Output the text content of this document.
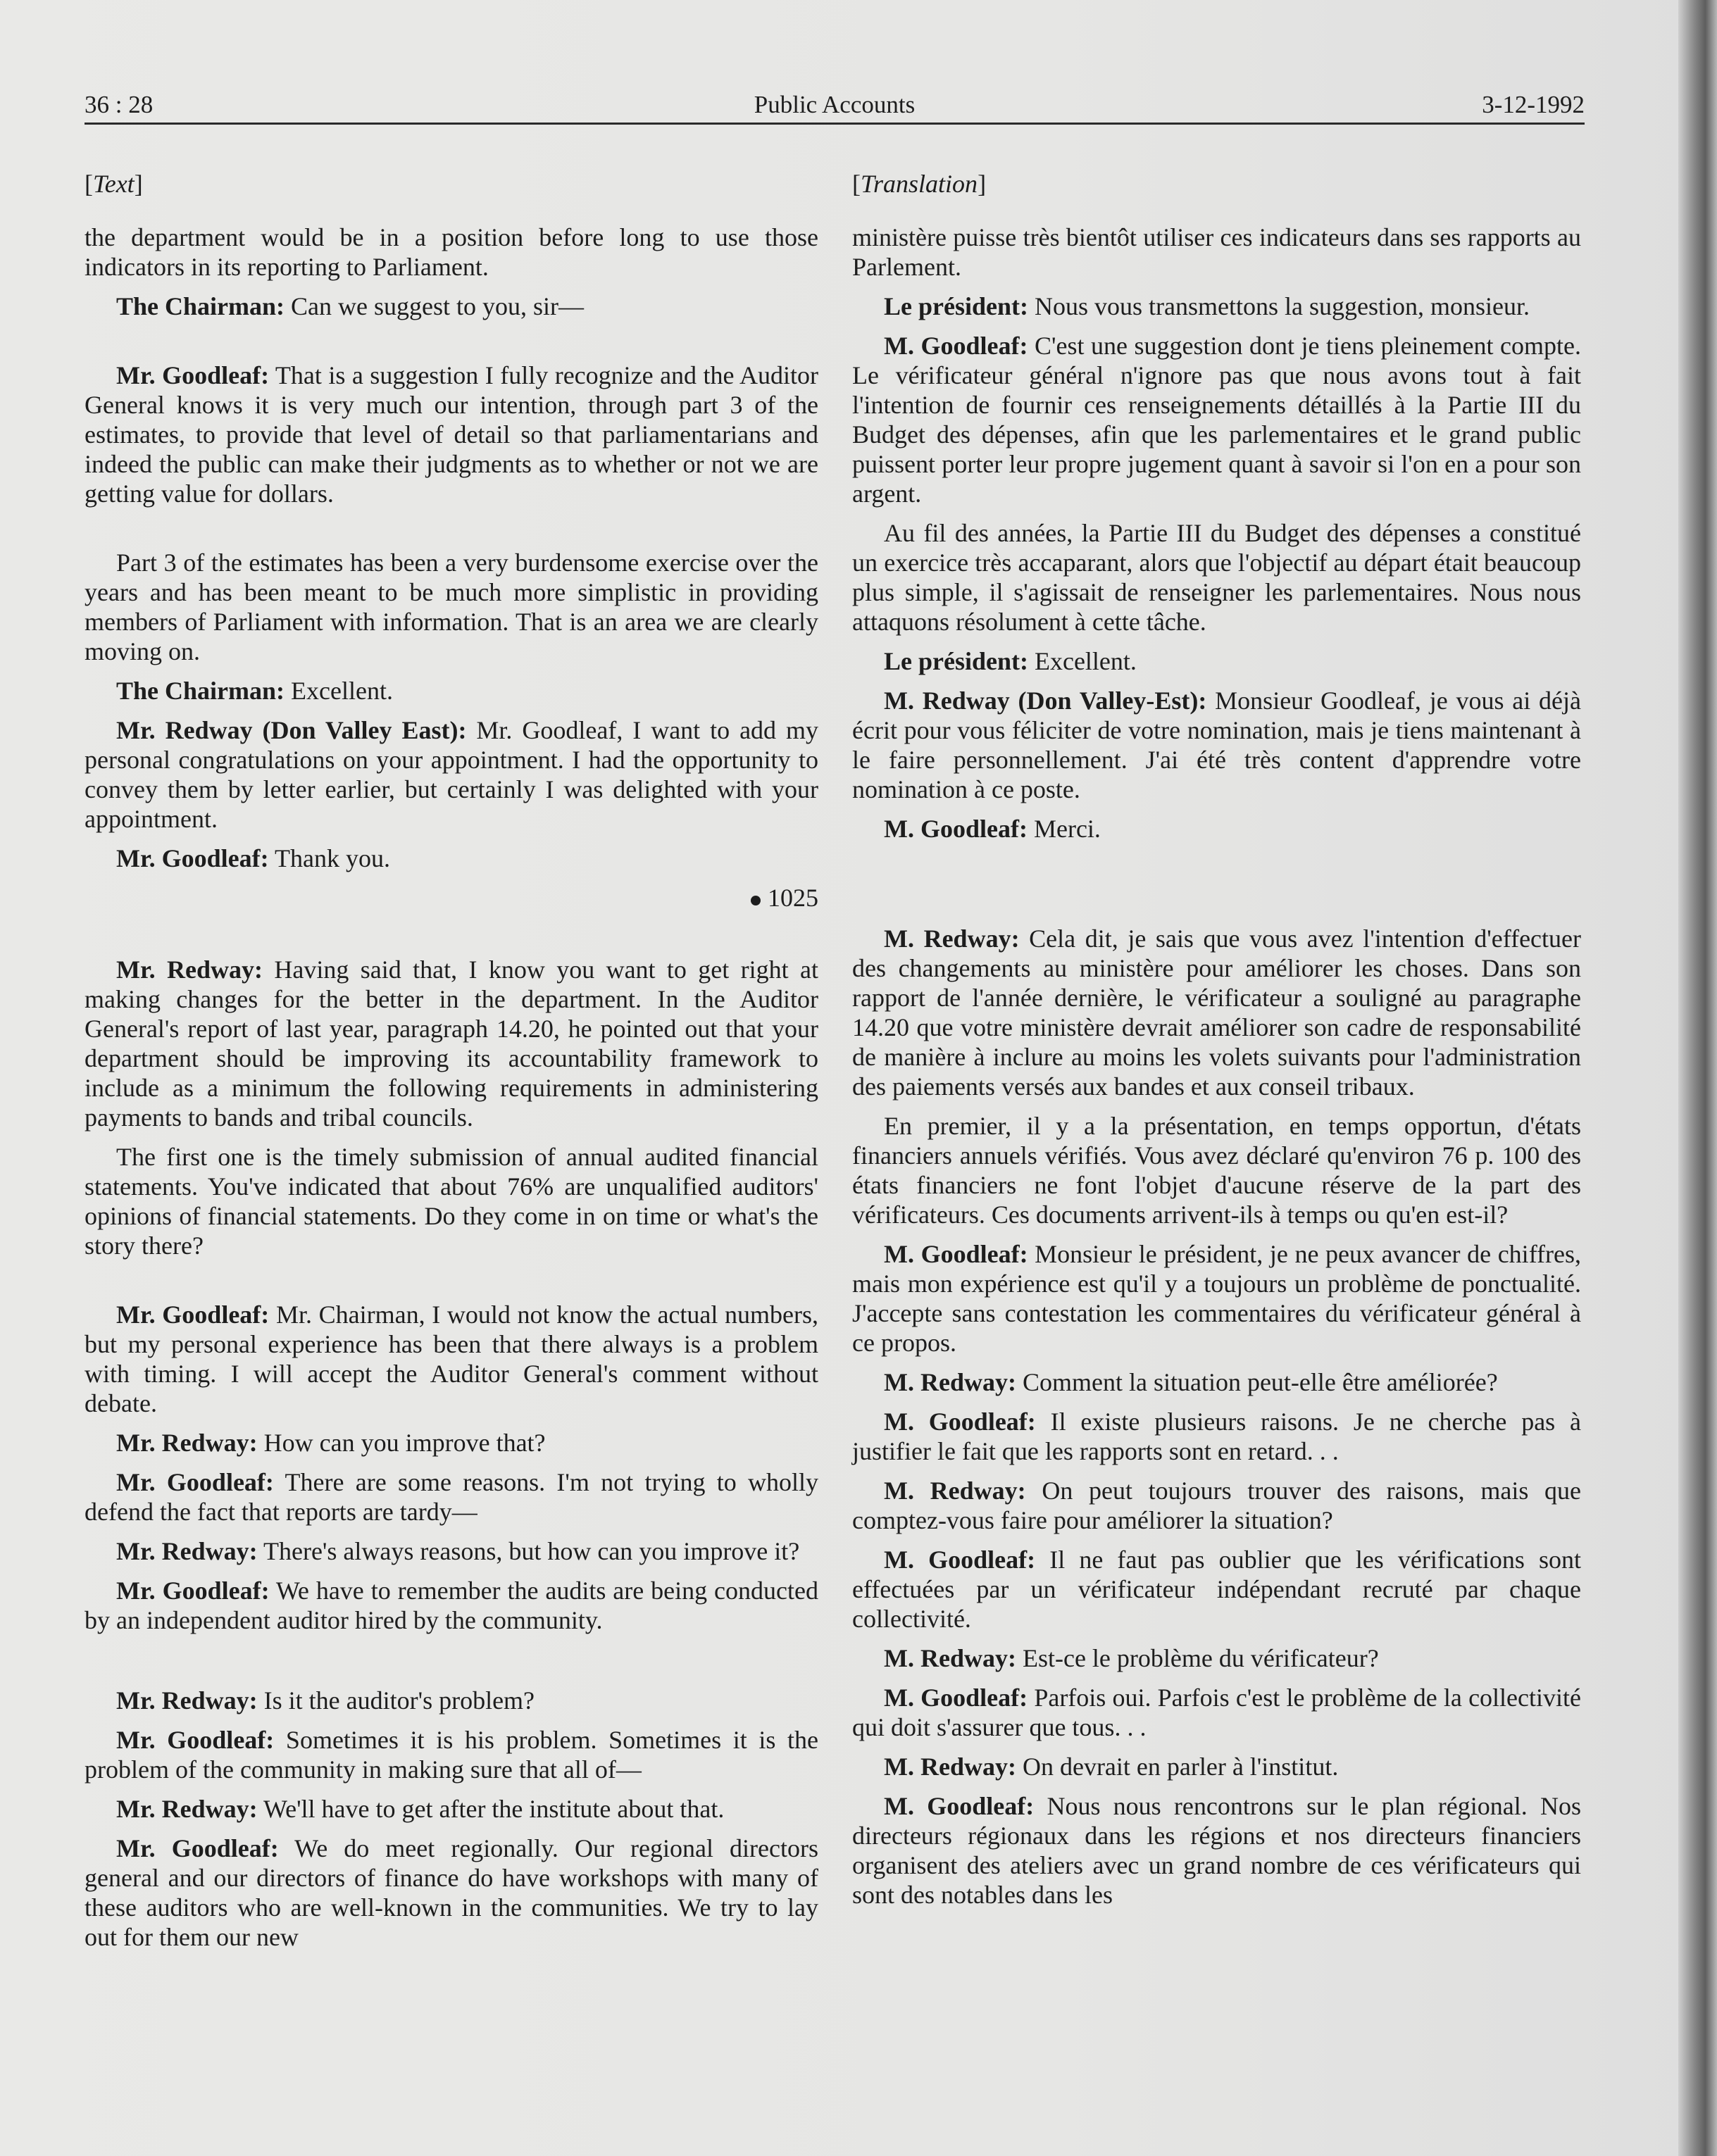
36 : 28	Public Accounts	3-12-1992
[Text]

the department would be in a position before long to use those indicators in its reporting to Parliament.

The Chairman: Can we suggest to you, sir—

Mr. Goodleaf: That is a suggestion I fully recognize and the Auditor General knows it is very much our intention, through part 3 of the estimates, to provide that level of detail so that parliamentarians and indeed the public can make their judgments as to whether or not we are getting value for dollars.

Part 3 of the estimates has been a very burdensome exercise over the years and has been meant to be much more simplistic in providing members of Parliament with information. That is an area we are clearly moving on.

The Chairman: Excellent.

Mr. Redway (Don Valley East): Mr. Goodleaf, I want to add my personal congratulations on your appointment. I had the opportunity to convey them by letter earlier, but certainly I was delighted with your appointment.

Mr. Goodleaf: Thank you.

1025

Mr. Redway: Having said that, I know you want to get right at making changes for the better in the department. In the Auditor General's report of last year, paragraph 14.20, he pointed out that your department should be improving its accountability framework to include as a minimum the following requirements in administering payments to bands and tribal councils.

The first one is the timely submission of annual audited financial statements. You've indicated that about 76% are unqualified auditors' opinions of financial statements. Do they come in on time or what's the story there?

Mr. Goodleaf: Mr. Chairman, I would not know the actual numbers, but my personal experience has been that there always is a problem with timing. I will accept the Auditor General's comment without debate.

Mr. Redway: How can you improve that?

Mr. Goodleaf: There are some reasons. I'm not trying to wholly defend the fact that reports are tardy—

Mr. Redway: There's always reasons, but how can you improve it?

Mr. Goodleaf: We have to remember the audits are being conducted by an independent auditor hired by the community.

Mr. Redway: Is it the auditor's problem?

Mr. Goodleaf: Sometimes it is his problem. Sometimes it is the problem of the community in making sure that all of—

Mr. Redway: We'll have to get after the institute about that.

Mr. Goodleaf: We do meet regionally. Our regional directors general and our directors of finance do have workshops with many of these auditors who are well-known in the communities. We try to lay out for them our new

[Translation]

ministère puisse très bientôt utiliser ces indicateurs dans ses rapports au Parlement.

Le président: Nous vous transmettons la suggestion, monsieur.

M. Goodleaf: C'est une suggestion dont je tiens pleinement compte. Le vérificateur général n'ignore pas que nous avons tout à fait l'intention de fournir ces renseignements détaillés à la Partie III du Budget des dépenses, afin que les parlementaires et le grand public puissent porter leur propre jugement quant à savoir si l'on en a pour son argent.

Au fil des années, la Partie III du Budget des dépenses a constitué un exercice très accaparant, alors que l'objectif au départ était beaucoup plus simple, il s'agissait de renseigner les parlementaires. Nous nous attaquons résolument à cette tâche.

Le président: Excellent.

M. Redway (Don Valley-Est): Monsieur Goodleaf, je vous ai déjà écrit pour vous féliciter de votre nomination, mais je tiens maintenant à le faire personnellement. J'ai été très content d'apprendre votre nomination à ce poste.

M. Goodleaf: Merci.

M. Redway: Cela dit, je sais que vous avez l'intention d'effectuer des changements au ministère pour améliorer les choses. Dans son rapport de l'année dernière, le vérificateur a souligné au paragraphe 14.20 que votre ministère devrait améliorer son cadre de responsabilité de manière à inclure au moins les volets suivants pour l'administration des paiements versés aux bandes et aux conseil tribaux.

En premier, il y a la présentation, en temps opportun, d'états financiers annuels vérifiés. Vous avez déclaré qu'environ 76 p. 100 des états financiers ne font l'objet d'aucune réserve de la part des vérificateurs. Ces documents arrivent-ils à temps ou qu'en est-il?

M. Goodleaf: Monsieur le président, je ne peux avancer de chiffres, mais mon expérience est qu'il y a toujours un problème de ponctualité. J'accepte sans contestation les commentaires du vérificateur général à ce propos.

M. Redway: Comment la situation peut-elle être améliorée?

M. Goodleaf: Il existe plusieurs raisons. Je ne cherche pas à justifier le fait que les rapports sont en retard. . .

M. Redway: On peut toujours trouver des raisons, mais que comptez-vous faire pour améliorer la situation?

M. Goodleaf: Il ne faut pas oublier que les vérifications sont effectuées par un vérificateur indépendant recruté par chaque collectivité.

M. Redway: Est-ce le problème du vérificateur?

M. Goodleaf: Parfois oui. Parfois c'est le problème de la collectivité qui doit s'assurer que tous. . .

M. Redway: On devrait en parler à l'institut.

M. Goodleaf: Nous nous rencontrons sur le plan régional. Nos directeurs régionaux dans les régions et nos directeurs financiers organisent des ateliers avec un grand nombre de ces vérificateurs qui sont des notables dans les
